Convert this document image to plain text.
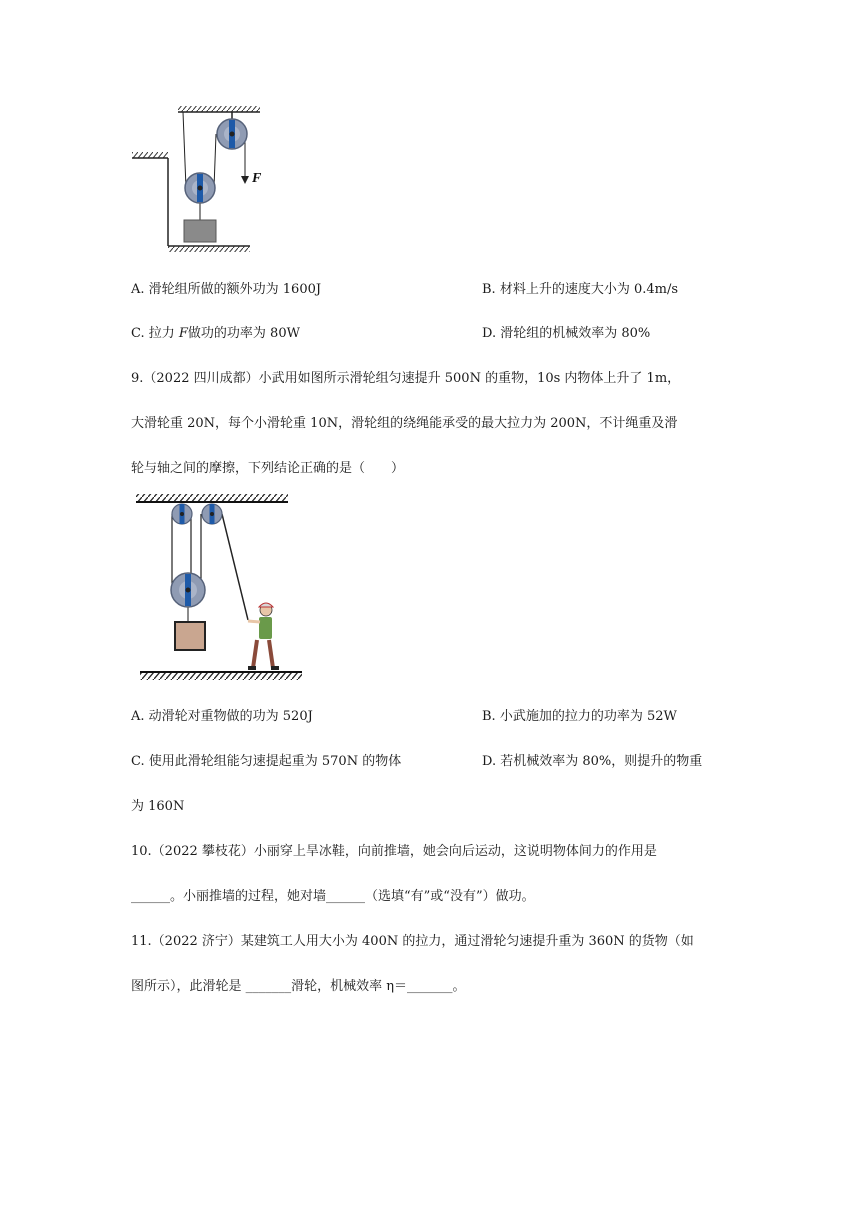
F
A. 滑轮组所做的额外功为 1600J	B. 材料上升的速度大小为 0.4m/s
C. 拉力 F做功的功率为 80W	D. 滑轮组的机械效率为 80%
9.（2022 四川成都）小武用如图所示滑轮组匀速提升 500N 的重物，10s 内物体上升了 1m，
大滑轮重 20N，每个小滑轮重 10N，滑轮组的绕绳能承受的最大拉力为 200N，不计绳重及滑
轮与轴之间的摩擦，下列结论正确的是（　　）
A. 动滑轮对重物做的功为 520J	B. 小武施加的拉力的功率为 52W
C. 使用此滑轮组能匀速提起重为 570N 的物体	D. 若机械效率为 80%，则提升的物重
为 160N
10.（2022 攀枝花）小丽穿上旱冰鞋，向前推墙，她会向后运动，这说明物体间力的作用是
______。小丽推墙的过程，她对墙______（选填“有”或“没有”）做功。
11.（2022 济宁）某建筑工人用大小为 400N 的拉力，通过滑轮匀速提升重为 360N 的货物（如
图所示），此滑轮是 _______滑轮，机械效率 η＝_______。
